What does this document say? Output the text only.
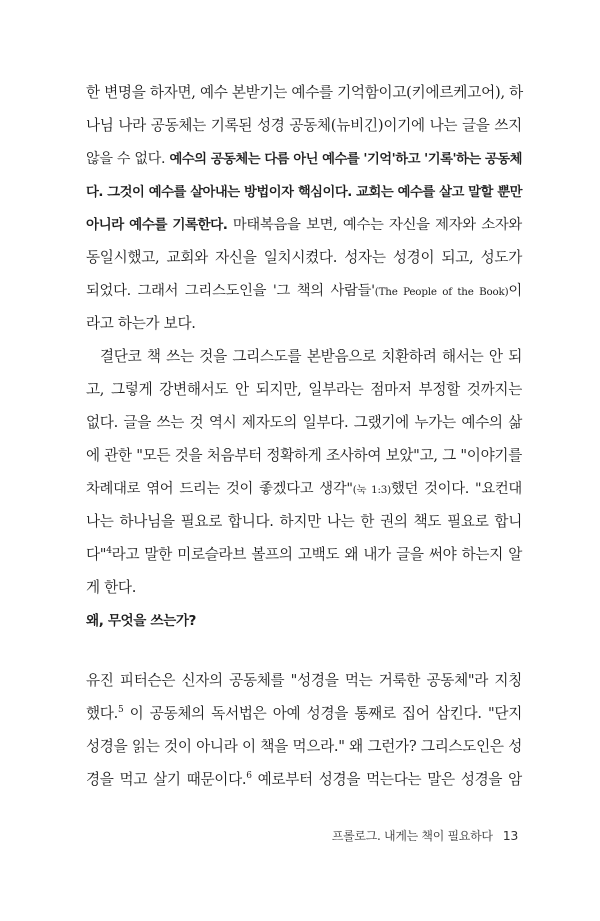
한 변명을 하자면, 예수 본받기는 예수를 기억함이고(키에르케고어), 하
나님 나라 공동체는 기록된 성경 공동체(뉴비긴)이기에 나는 글을 쓰지
않을 수 없다. 예수의 공동체는 다름 아닌 예수를 '기억'하고 '기록'하는 공동체
다. 그것이 예수를 살아내는 방법이자 핵심이다. 교회는 예수를 살고 말할 뿐만
아니라 예수를 기록한다. 마태복음을 보면, 예수는 자신을 제자와 소자와
동일시했고, 교회와 자신을 일치시켰다. 성자는 성경이 되고, 성도가
되었다. 그래서 그리스도인을 '그 책의 사람들'(The People of the Book)이
라고 하는가 보다.
결단코 책 쓰는 것을 그리스도를 본받음으로 치환하려 해서는 안 되
고, 그렇게 강변해서도 안 되지만, 일부라는 점마저 부정할 것까지는
없다. 글을 쓰는 것 역시 제자도의 일부다. 그랬기에 누가는 예수의 삶
에 관한 "모든 것을 처음부터 정확하게 조사하여 보았"고, 그 "이야기를
차례대로 엮어 드리는 것이 좋겠다고 생각"(눅 1:3)했던 것이다. "요컨대
나는 하나님을 필요로 합니다. 하지만 나는 한 권의 책도 필요로 합니
다"$^4$라고 말한 미로슬라브 볼프의 고백도 왜 내가 글을 써야 하는지 알
게 한다.
왜, 무엇을 쓰는가?
유진 피터슨은 신자의 공동체를 "성경을 먹는 거룩한 공동체"라 지칭
했다.$^5$ 이 공동체의 독서법은 아예 성경을 통째로 집어 삼킨다. "단지
성경을 읽는 것이 아니라 이 책을 먹으라." 왜 그런가? 그리스도인은 성
경을 먹고 살기 때문이다.$^6$ 예로부터 성경을 먹는다는 말은 성경을 암
프롤로그. 내게는 책이 필요하다 13
